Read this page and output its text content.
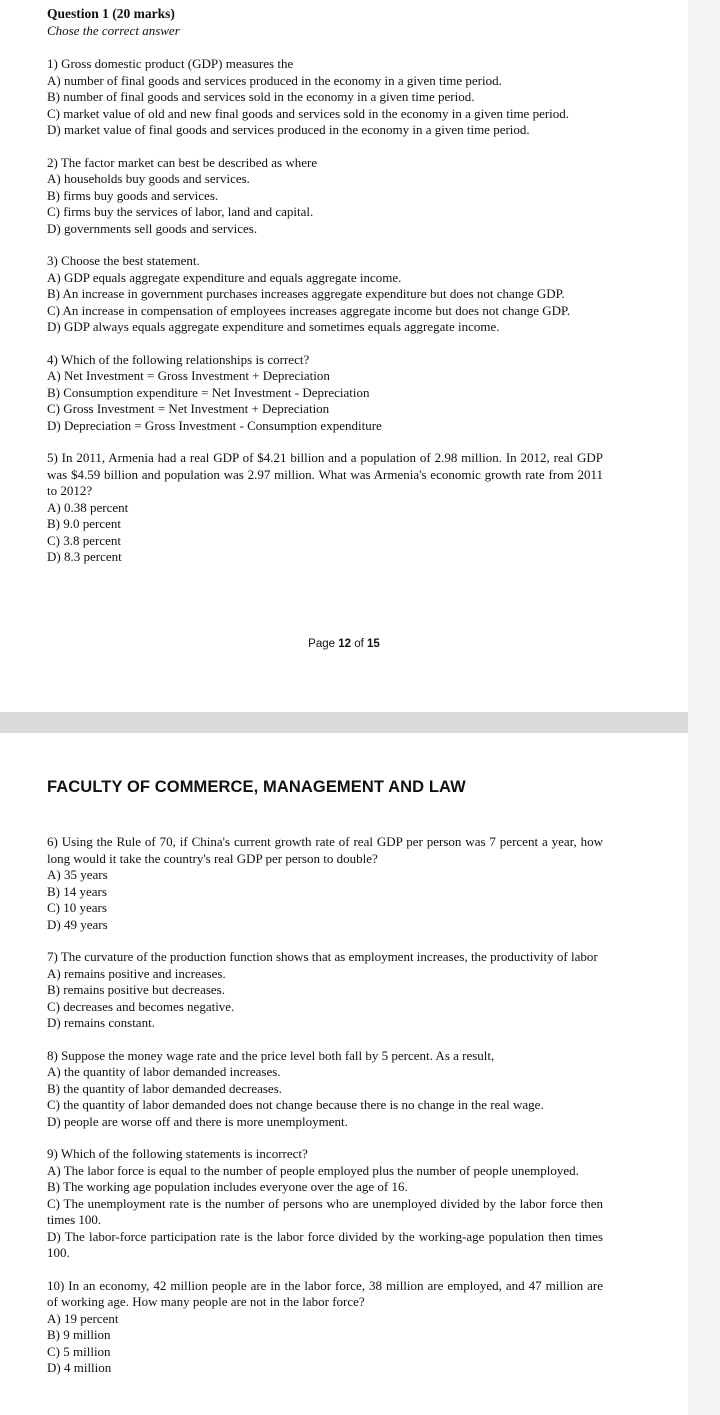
Question 1 (20 marks)
Chose the correct answer

1) Gross domestic product (GDP) measures the

A) number of final goods and services produced in the economy in a given time period.

B) number of final goods and services sold in the economy in a given time period.

C) market value of old and new final goods and services sold in the economy in a given time period.

D) market value of final goods and services produced in the economy in a given time period.

2) The factor market can best be described as where

A) households buy goods and services.

B) firms buy goods and services.

C) firms buy the services of labor, land and capital.

D) governments sell goods and services.

3) Choose the best statement.

A) GDP equals aggregate expenditure and equals aggregate income.

B) An increase in government purchases increases aggregate expenditure but does not change GDP.

C) An increase in compensation of employees increases aggregate income but does not change GDP.

D) GDP always equals aggregate expenditure and sometimes equals aggregate income.

4) Which of the following relationships is correct?

A) Net Investment = Gross Investment + Depreciation

B) Consumption expenditure = Net Investment - Depreciation

C) Gross Investment = Net Investment + Depreciation

D) Depreciation = Gross Investment - Consumption expenditure

5) In 2011, Armenia had a real GDP of $4.21 billion and a population of 2.98 million. In 2012, real GDP was $4.59 billion and population was 2.97 million. What was Armenia's economic growth rate from 2011 to 2012?

A) 0.38 percent

B) 9.0 percent

C) 3.8 percent

D) 8.3 percent

Page 12 of 15
FACULTY OF COMMERCE, MANAGEMENT AND LAW

6) Using the Rule of 70, if China's current growth rate of real GDP per person was 7 percent a year, how long would it take the country's real GDP per person to double?

A) 35 years

B) 14 years

C) 10 years

D) 49 years

7) The curvature of the production function shows that as employment increases, the productivity of labor

A) remains positive and increases.

B) remains positive but decreases.

C) decreases and becomes negative.

D) remains constant.

8) Suppose the money wage rate and the price level both fall by 5 percent. As a result,

A) the quantity of labor demanded increases.

B) the quantity of labor demanded decreases.

C) the quantity of labor demanded does not change because there is no change in the real wage.

D) people are worse off and there is more unemployment.

9) Which of the following statements is incorrect?

A) The labor force is equal to the number of people employed plus the number of people unemployed.

B) The working age population includes everyone over the age of 16.

C) The unemployment rate is the number of persons who are unemployed divided by the labor force then times 100.

D) The labor-force participation rate is the labor force divided by the working-age population then times 100.

10) In an economy, 42 million people are in the labor force, 38 million are employed, and 47 million are of working age. How many people are not in the labor force?

A) 19 percent

B) 9 million

C) 5 million

D) 4 million
